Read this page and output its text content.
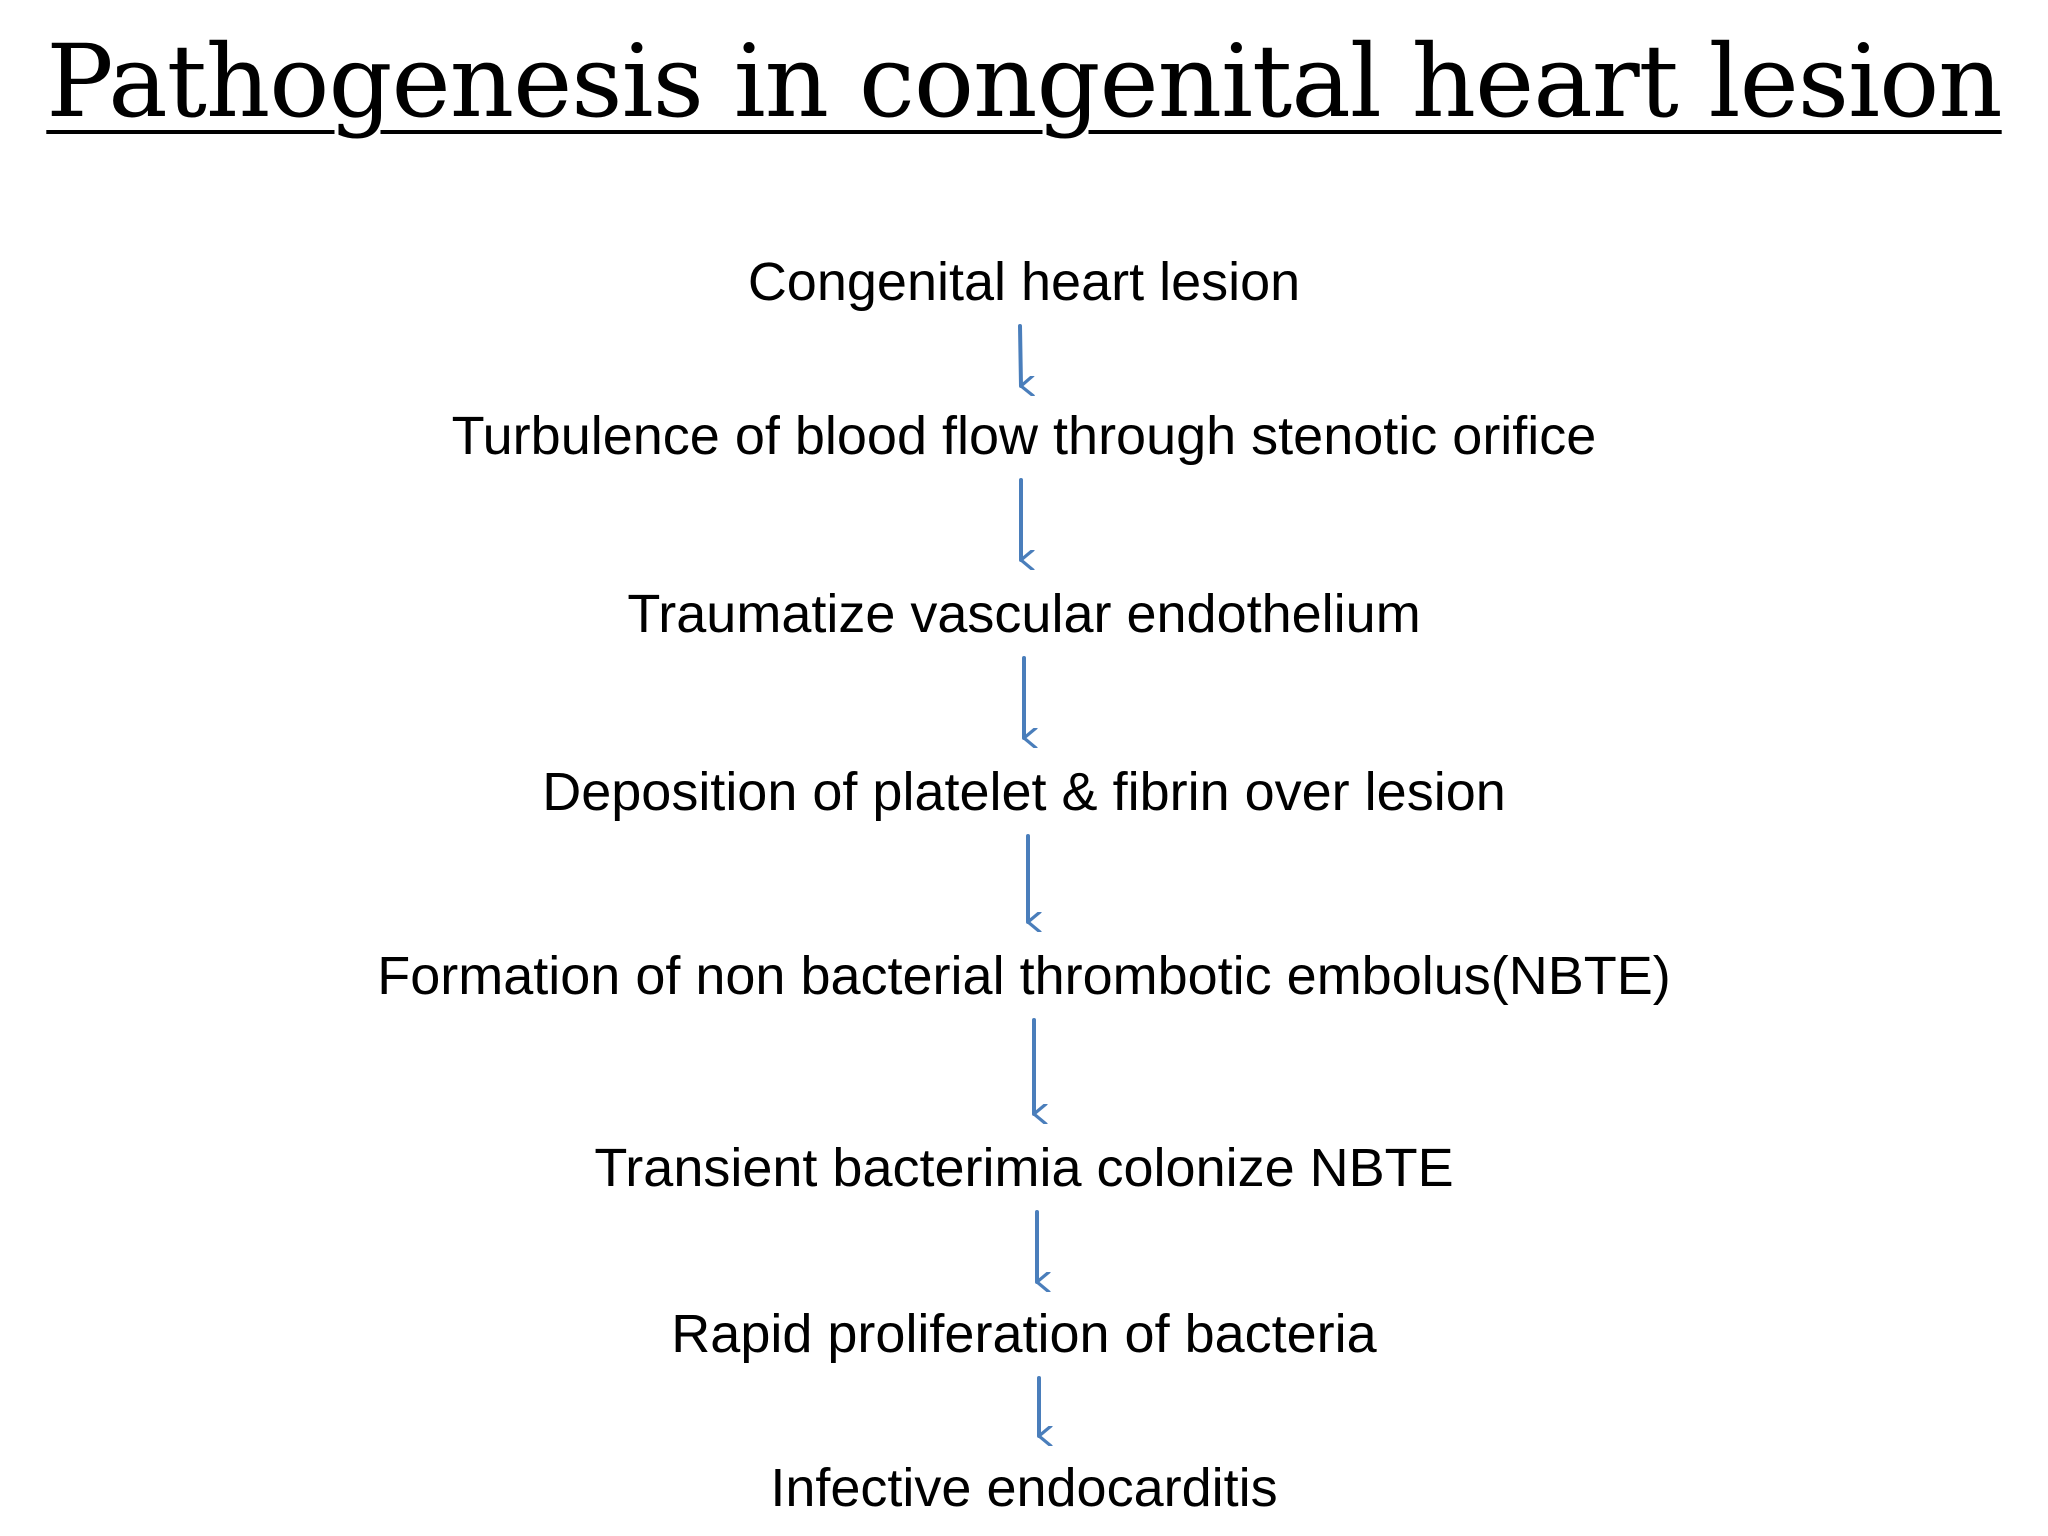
Pathogenesis in congenital heart lesion
Congenital heart lesion
Turbulence of blood flow through stenotic orifice
Traumatize vascular endothelium
Deposition of platelet & fibrin over lesion
Formation of non bacterial thrombotic embolus(NBTE)
Transient bacterimia colonize NBTE
Rapid proliferation of bacteria
Infective endocarditis
